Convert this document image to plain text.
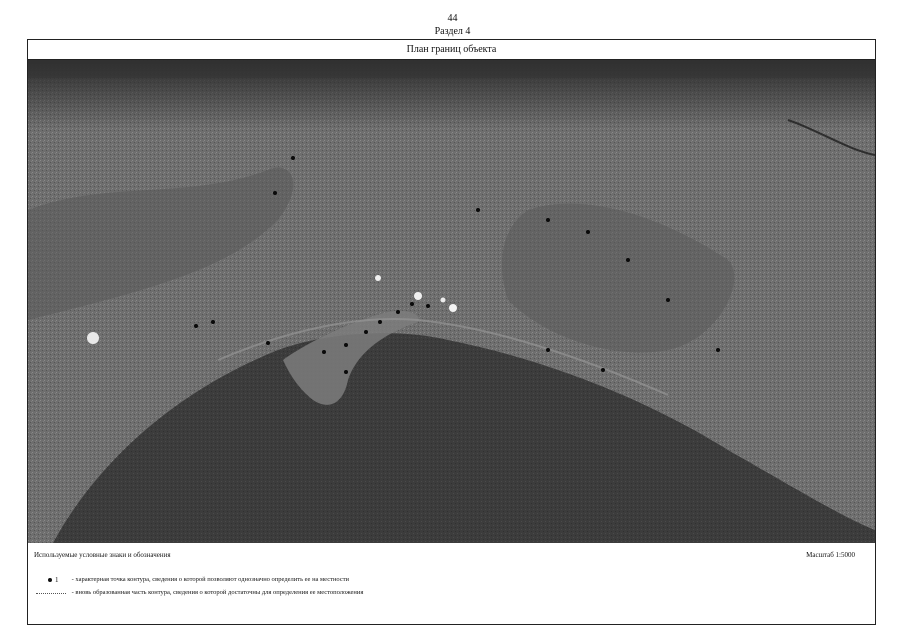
44
Раздел 4
План границ объекта
Используемые условные знаки и обозначения	Масштаб 1:5000
1 - характерная точка контура, сведения о которой позволяют однозначно определить ее на местности
- вновь образованная часть контура, сведения о которой достаточны для определения ее местоположения
